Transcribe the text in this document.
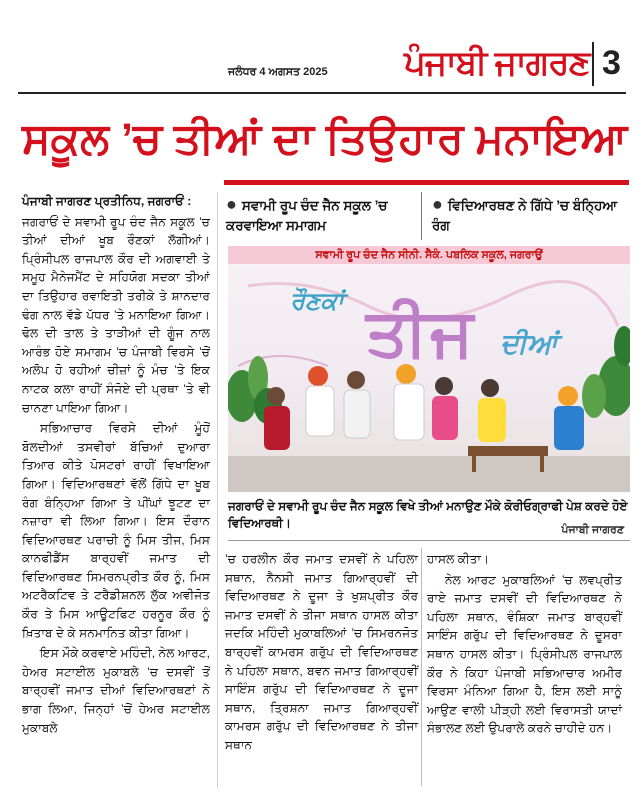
ਜਲੰਧਰ 4 ਅਗਸਤ 2025 ਪੰਜਾਬੀ ਜਾਗਰਣ 3
ਸਕੂਲ ’ਚ ਤੀਆਂ ਦਾ ਤਿਉਹਾਰ ਮਨਾਇਆ

ਪੰਜਾਬੀ ਜਾਗਰਣ ਪ੍ਰਤੀਨਿਧ, ਜਗਰਾਓਂ :

ਜਗਰਾਓਂ ਦੇ ਸਵਾਮੀ ਰੂਪ ਚੰਦ ਜੈਨ ਸਕੂਲ ’ਚ ਤੀਆਂ ਦੀਆਂ ਖੂਬ ਰੌਣਕਾਂ ਲੱਗੀਆਂ। ਪ੍ਰਿੰਸੀਪਲ ਰਾਜਪਾਲ ਕੌਰ ਦੀ ਅਗਵਾਈ ਤੇ ਸਮੂਹ ਮੈਨੇਜਮੈਂਟ ਦੇ ਸਹਿਯੋਗ ਸਦਕਾ ਤੀਆਂ ਦਾ ਤਿਉਹਾਰ ਰਵਾਇਤੀ ਤਰੀਕੇ ਤੇ ਸ਼ਾਨਦਾਰ ਢੰਗ ਨਾਲ ਵੱਡੇ ਪੱਧਰ ’ਤੇ ਮਨਾਇਆ ਗਿਆ। ਢੋਲ ਦੀ ਤਾਲ ਤੇ ਤਾੜੀਆਂ ਦੀ ਗੂੰਜ ਨਾਲ ਆਰੰਭ ਹੋਏ ਸਮਾਗਮ ’ਚ ਪੰਜਾਬੀ ਵਿਰਸੇ ’ਚੋਂ ਅਲੋਪ ਹੋ ਰਹੀਆਂ ਚੀਜ਼ਾਂ ਨੂੰ ਮੰਚ ’ਤੇ ਇਕ ਨਾਟਕ ਕਲਾ ਰਾਹੀਂ ਸੰਜੋਏ ਦੀ ਪ੍ਰਥਾ ’ਤੇ ਵੀ ਚਾਨਣਾ ਪਾਇਆ ਗਿਆ।

ਸਭਿਆਚਾਰ ਵਿਰਸੇ ਦੀਆਂ ਮੂੰਹੋਂ ਬੋਲਦੀਆਂ ਤਸਵੀਰਾਂ ਬੱਚਿਆਂ ਦੁਆਰਾ ਤਿਆਰ ਕੀਤੇ ਪੋਸਟਰਾਂ ਰਾਹੀਂ ਵਿਖਾਇਆ ਗਿਆ। ਵਿਦਿਆਰਥਣਾਂ ਵੱਲੋਂ ਗਿੱਧੇ ਦਾ ਖੂਬ ਰੰਗ ਬੰਨ੍ਹਿਆ ਗਿਆ ਤੇ ਪੀਂਘਾਂ ਝੂਟਣ ਦਾ ਨਜ਼ਾਰਾ ਵੀ ਲਿਆ ਗਿਆ। ਇਸ ਦੌਰਾਨ ਵਿਦਿਆਰਥਣ ਪਰਾਚੀ ਨੂੰ ਮਿਸ ਤੀਜ, ਮਿਸ ਕਾਨਫੀਡੈਂਸ ਬਾਰ੍ਹਵੀਂ ਜਮਾਤ ਦੀ ਵਿਦਿਆਰਥਣ ਸਿਮਰਨਪ੍ਰੀਤ ਕੌਰ ਨੂੰ, ਮਿਸ ਅਟਰੈਕਟਿਵ ਤੇ ਟਰੈਡੀਸ਼ਨਲ ਲੁੱਕ ਅਵੀਜੋਤ ਕੌਰ ਤੇ ਮਿਸ ਆਊਟਫਿਟ ਹਰਨੂਰ ਕੌਰ ਨੂੰ ਖ਼ਿਤਾਬ ਦੇ ਕੇ ਸਨਮਾਨਿਤ ਕੀਤਾ ਗਿਆ।

ਇਸ ਮੌਕੇ ਕਰਵਾਏ ਮਹਿੰਦੀ, ਨੇਲ ਆਰਟ, ਹੇਅਰ ਸਟਾਈਲ ਮੁਕਾਬਲੇ ’ਚ ਦਸਵੀਂ ਤੋਂ ਬਾਰ੍ਹਵੀਂ ਜਮਾਤ ਦੀਆਂ ਵਿਦਿਆਰਥਣਾਂ ਨੇ ਭਾਗ ਲਿਆ, ਜਿਨ੍ਹਾਂ ’ਚੋਂ ਹੇਅਰ ਸਟਾਈਲ ਮੁਕਾਬਲੇ

● ਸਵਾਮੀ ਰੂਪ ਚੰਦ ਜੈਨ ਸਕੂਲ ’ਚ ਕਰਵਾਇਆ ਸਮਾਗਮ
● ਵਿਦਿਆਰਥਣ ਨੇ ਗਿੱਧੇ ’ਚ ਬੰਨ੍ਹਿਆ ਰੰਗ
ਰੌਣਕਾਂ ਤੀਜ ਦੀਆਂ
ਸਵਾਮੀ ਰੂਪ ਚੰਦ ਜੈਨ ਸੀਨੀ. ਸੈਕੰ. ਪਬਲਿਕ ਸਕੂਲ, ਜਗਰਾਉਂ
ਜਗਰਾਓਂ ਦੇ ਸਵਾਮੀ ਰੂਪ ਚੰਦ ਜੈਨ ਸਕੂਲ ਵਿਖੇ ਤੀਆਂ ਮਨਾਉਣ ਮੌਕੇ ਕੋਰੀਓਗ੍ਰਾਫੀ ਪੇਸ਼ ਕਰਦੇ ਹੋਏ ਵਿਦਿਆਰਥੀ।	ਪੰਜਾਬੀ ਜਾਗਰਣ

’ਚ ਹਰਲੀਨ ਕੌਰ ਜਮਾਤ ਦਸਵੀਂ ਨੇ ਪਹਿਲਾ ਸਥਾਨ, ਨੈਨਸੀ ਜਮਾਤ ਗਿਆਰ੍ਹਵੀਂ ਦੀ ਵਿਦਿਆਰਥਣ ਨੇ ਦੂਜਾ ਤੇ ਖੁਸ਼ਪ੍ਰੀਤ ਕੌਰ ਜਮਾਤ ਦਸਵੀਂ ਨੇ ਤੀਜਾ ਸਥਾਨ ਹਾਸਲ ਕੀਤਾ ਜਦਕਿ ਮਹਿੰਦੀ ਮੁਕਾਬਲਿਆਂ ’ਚ ਸਿਮਰਨਜੋਤ ਬਾਰ੍ਹਵੀਂ ਕਾਮਰਸ ਗਰੁੱਪ ਦੀ ਵਿਦਿਆਰਥਣ ਨੇ ਪਹਿਲਾ ਸਥਾਨ, ਬਵਨ ਜਮਾਤ ਗਿਆਰ੍ਹਵੀਂ ਸਾਇੰਸ ਗਰੁੱਪ ਦੀ ਵਿਦਿਆਰਥਣ ਨੇ ਦੂਜਾ ਸਥਾਨ, ਤ੍ਰਿਸ਼ਨਾ ਜਮਾਤ ਗਿਆਰ੍ਹਵੀਂ ਕਾਮਰਸ ਗਰੁੱਪ ਦੀ ਵਿਦਿਆਰਥਣ ਨੇ ਤੀਜਾ ਸਥਾਨ

ਹਾਸਲ ਕੀਤਾ।

ਨੇਲ ਆਰਟ ਮੁਕਾਬਲਿਆਂ ’ਚ ਲਵਪ੍ਰੀਤ ਰਾਏ ਜਮਾਤ ਦਸਵੀਂ ਦੀ ਵਿਦਿਆਰਥਣ ਨੇ ਪਹਿਲਾ ਸਥਾਨ, ਵੰਸ਼ਿਕਾ ਜਮਾਤ ਬਾਰ੍ਹਵੀਂ ਸਾਇੰਸ ਗਰੁੱਪ ਦੀ ਵਿਦਿਆਰਥਣ ਨੇ ਦੂਸਰਾ ਸਥਾਨ ਹਾਸਲ ਕੀਤਾ। ਪ੍ਰਿੰਸੀਪਲ ਰਾਜਪਾਲ ਕੌਰ ਨੇ ਕਿਹਾ ਪੰਜਾਬੀ ਸਭਿਆਚਾਰ ਅਮੀਰ ਵਿਰਸਾ ਮੰਨਿਆ ਗਿਆ ਹੈ, ਇਸ ਲਈ ਸਾਨੂੰ ਆਉਣ ਵਾਲੀ ਪੀੜ੍ਹੀ ਲਈ ਵਿਰਾਸਤੀ ਯਾਦਾਂ ਸੰਭਾਲਣ ਲਈ ਉਪਰਾਲੇ ਕਰਨੇ ਚਾਹੀਦੇ ਹਨ।
